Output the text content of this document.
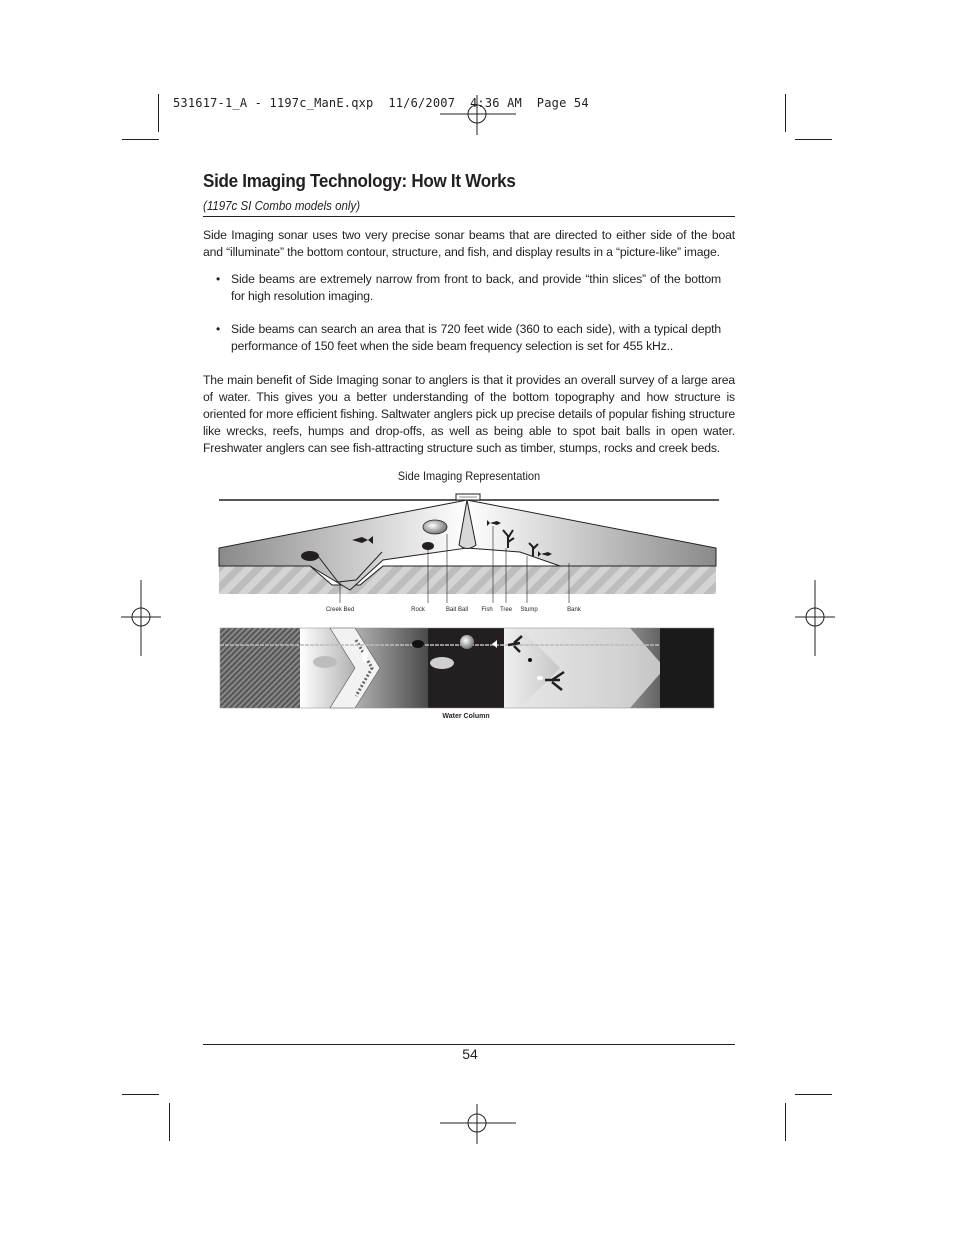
531617-1_A - 1197c_ManE.qxp  11/6/2007  4:36 AM  Page 54
Side Imaging Technology: How It Works
(1197c SI Combo models only)

Side Imaging sonar uses two very precise sonar beams that are directed to either side of the boat and “illuminate” the bottom contour, structure, and fish, and display results in a “picture-like” image.

• Side beams are extremely narrow from front to back, and provide “thin slices” of the bottom for high resolution imaging.

• Side beams can search an area that is 720 feet wide (360 to each side), with a typical depth performance of 150 feet when the side beam frequency selection is set for 455 kHz..

The main benefit of Side Imaging sonar to anglers is that it provides an overall survey of a large area of water. This gives you a better understanding of the bottom topography and how structure is oriented for more efficient fishing. Saltwater anglers pick up precise details of popular fishing structure like wrecks, reefs, humps and drop-offs, as well as being able to spot bait balls in open water. Freshwater anglers can see fish-attracting structure such as timber, stumps, rocks and creek beds.

Side Imaging Representation
Creek Bed	Rock	Bait Ball Fish Tree Stump	Bank
Water Column
54
